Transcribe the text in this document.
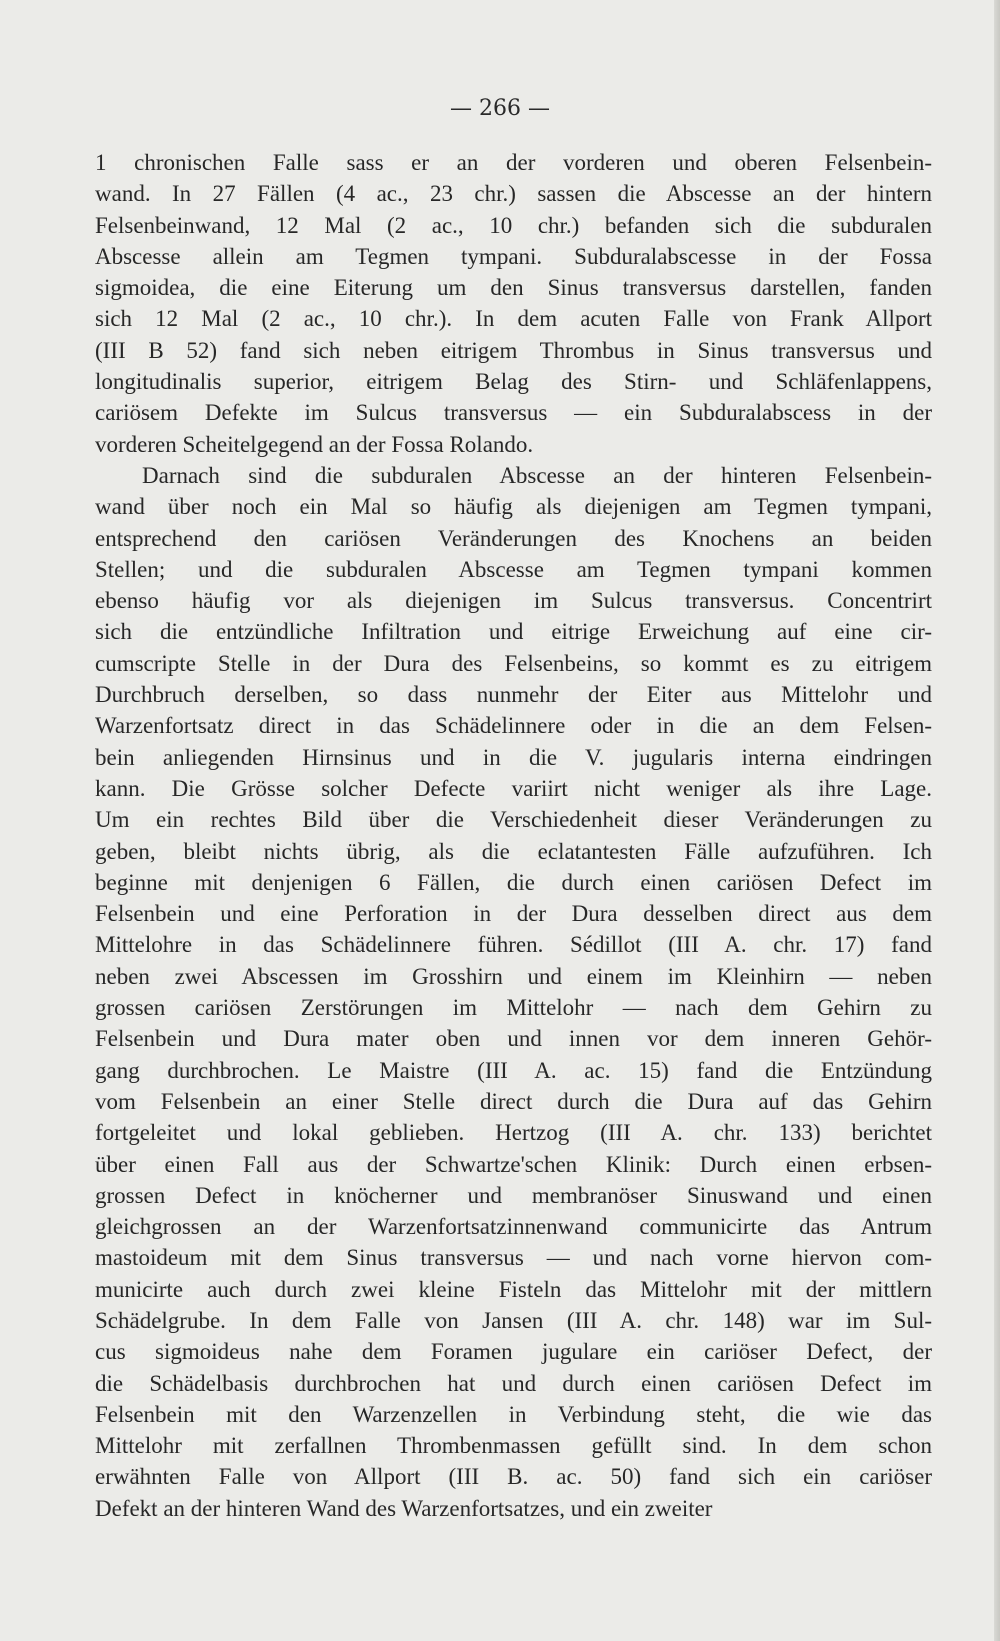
— 266 —
1 chronischen Falle sass er an der vorderen und oberen Felsenbein-
wand. In 27 Fällen (4 ac., 23 chr.) sassen die Abscesse an der hintern
Felsenbeinwand, 12 Mal (2 ac., 10 chr.) befanden sich die subduralen
Abscesse allein am Tegmen tympani. Subduralabscesse in der Fossa
sigmoidea, die eine Eiterung um den Sinus transversus darstellen, fanden
sich 12 Mal (2 ac., 10 chr.). In dem acuten Falle von Frank Allport
(III B 52) fand sich neben eitrigem Thrombus in Sinus transversus und
longitudinalis superior, eitrigem Belag des Stirn- und Schläfenlappens,
cariösem Defekte im Sulcus transversus — ein Subduralabscess in der
vorderen Scheitelgegend an der Fossa Rolando.
Darnach sind die subduralen Abscesse an der hinteren Felsenbein-
wand über noch ein Mal so häufig als diejenigen am Tegmen tympani,
entsprechend den cariösen Veränderungen des Knochens an beiden
Stellen; und die subduralen Abscesse am Tegmen tympani kommen
ebenso häufig vor als diejenigen im Sulcus transversus. Concentrirt
sich die entzündliche Infiltration und eitrige Erweichung auf eine cir-
cumscripte Stelle in der Dura des Felsenbeins, so kommt es zu eitrigem
Durchbruch derselben, so dass nunmehr der Eiter aus Mittelohr und
Warzenfortsatz direct in das Schädelinnere oder in die an dem Felsen-
bein anliegenden Hirnsinus und in die V. jugularis interna eindringen
kann. Die Grösse solcher Defecte variirt nicht weniger als ihre Lage.
Um ein rechtes Bild über die Verschiedenheit dieser Veränderungen zu
geben, bleibt nichts übrig, als die eclatantesten Fälle aufzuführen. Ich
beginne mit denjenigen 6 Fällen, die durch einen cariösen Defect im
Felsenbein und eine Perforation in der Dura desselben direct aus dem
Mittelohre in das Schädelinnere führen. Sédillot (III A. chr. 17) fand
neben zwei Abscessen im Grosshirn und einem im Kleinhirn — neben
grossen cariösen Zerstörungen im Mittelohr — nach dem Gehirn zu
Felsenbein und Dura mater oben und innen vor dem inneren Gehör-
gang durchbrochen. Le Maistre (III A. ac. 15) fand die Entzündung
vom Felsenbein an einer Stelle direct durch die Dura auf das Gehirn
fortgeleitet und lokal geblieben. Hertzog (III A. chr. 133) berichtet
über einen Fall aus der Schwartze'schen Klinik: Durch einen erbsen-
grossen Defect in knöcherner und membranöser Sinuswand und einen
gleichgrossen an der Warzenfortsatzinnenwand communicirte das Antrum
mastoideum mit dem Sinus transversus — und nach vorne hiervon com-
municirte auch durch zwei kleine Fisteln das Mittelohr mit der mittlern
Schädelgrube. In dem Falle von Jansen (III A. chr. 148) war im Sul-
cus sigmoideus nahe dem Foramen jugulare ein cariöser Defect, der
die Schädelbasis durchbrochen hat und durch einen cariösen Defect im
Felsenbein mit den Warzenzellen in Verbindung steht, die wie das
Mittelohr mit zerfallnen Thrombenmassen gefüllt sind. In dem schon
erwähnten Falle von Allport (III B. ac. 50) fand sich ein cariöser
Defekt an der hinteren Wand des Warzenfortsatzes, und ein zweiter
